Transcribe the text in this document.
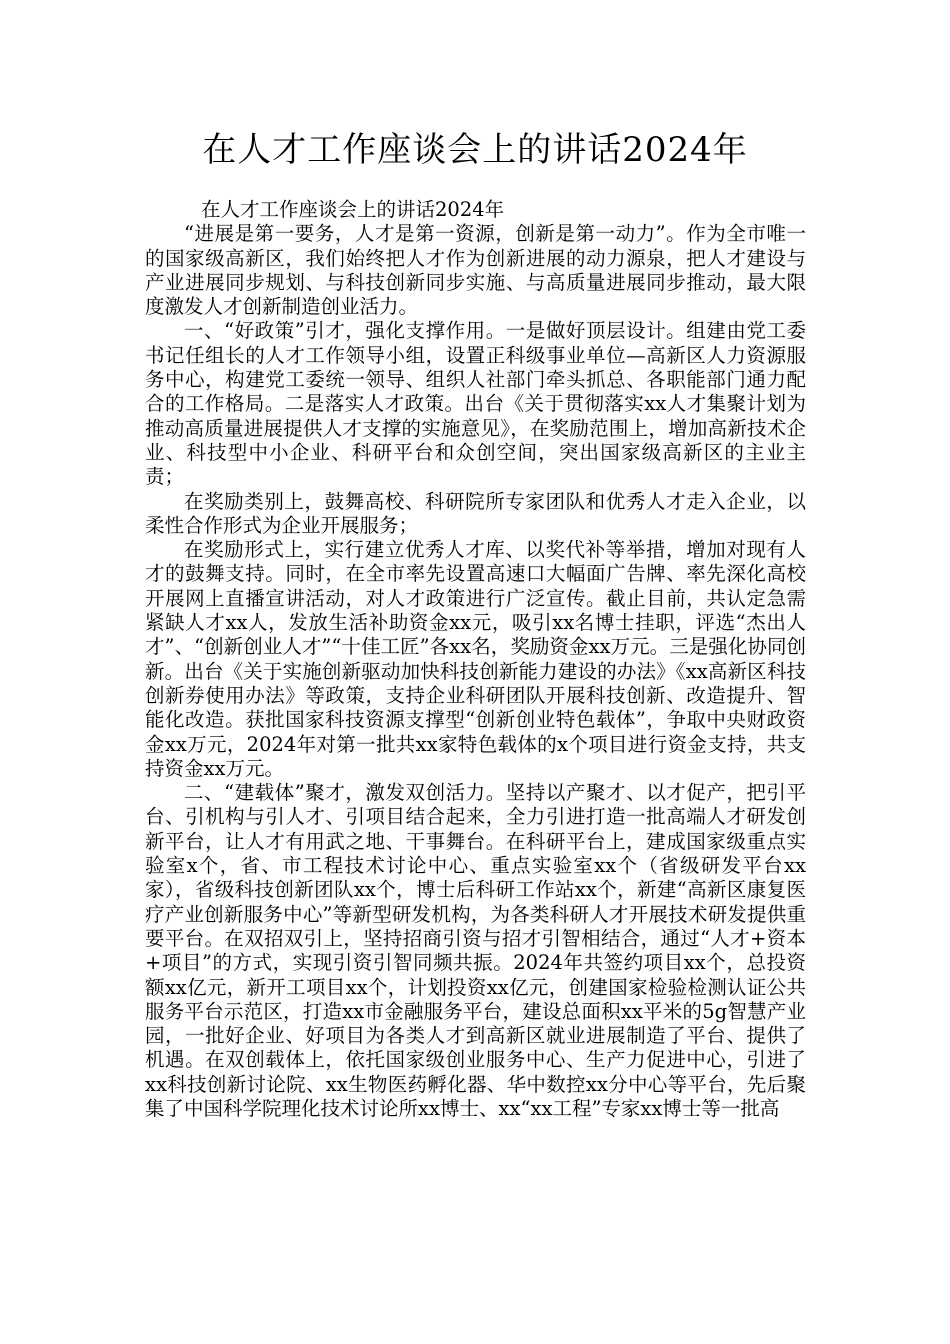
在人才工作座谈会上的讲话2024年

在人才工作座谈会上的讲话2024年

“进展是第一要务，人才是第一资源，创新是第一动力”。作为全市唯一的国家级高新区，我们始终把人才作为创新进展的动力源泉，把人才建设与产业进展同步规划、与科技创新同步实施、与高质量进展同步推动，最大限度激发人才创新制造创业活力。

一、“好政策”引才，强化支撑作用。一是做好顶层设计。组建由党工委书记任组长的人才工作领导小组，设置正科级事业单位—高新区人力资源服务中心，构建党工委统一领导、组织人社部门牵头抓总、各职能部门通力配合的工作格局。二是落实人才政策。出台《关于贯彻落实xx人才集聚计划为推动高质量进展提供人才支撑的实施意见》，在奖励范围上，增加高新技术企业、科技型中小企业、科研平台和众创空间，突出国家级高新区的主业主责；

在奖励类别上，鼓舞高校、科研院所专家团队和优秀人才走入企业，以柔性合作形式为企业开展服务；

在奖励形式上，实行建立优秀人才库、以奖代补等举措，增加对现有人才的鼓舞支持。同时，在全市率先设置高速口大幅面广告牌、率先深化高校开展网上直播宣讲活动，对人才政策进行广泛宣传。截止目前，共认定急需紧缺人才xx人，发放生活补助资金xx元，吸引xx名博士挂职，评选“杰出人才”、“创新创业人才”“十佳工匠”各xx名，奖励资金xx万元。三是强化协同创新。出台《关于实施创新驱动加快科技创新能力建设的办法》《xx高新区科技创新券使用办法》等政策，支持企业科研团队开展科技创新、改造提升、智能化改造。获批国家科技资源支撑型“创新创业特色载体”，争取中央财政资金xx万元，2024年对第一批共xx家特色载体的x个项目进行资金支持，共支持资金xx万元。

二、“建载体”聚才，激发双创活力。坚持以产聚才、以才促产，把引平台、引机构与引人才、引项目结合起来，全力引进打造一批高端人才研发创新平台，让人才有用武之地、干事舞台。在科研平台上，建成国家级重点实验室x个，省、市工程技术讨论中心、重点实验室xx个（省级研发平台xx家），省级科技创新团队xx个，博士后科研工作站xx个，新建“高新区康复医疗产业创新服务中心”等新型研发机构，为各类科研人才开展技术研发提供重要平台。在双招双引上，坚持招商引资与招才引智相结合，通过“人才+资本+项目”的方式，实现引资引智同频共振。2024年共签约项目xx个，总投资额xx亿元，新开工项目xx个，计划投资xx亿元，创建国家检验检测认证公共服务平台示范区，打造xx市金融服务平台，建设总面积xx平米的5g智慧产业园，一批好企业、好项目为各类人才到高新区就业进展制造了平台、提供了机遇。在双创载体上，依托国家级创业服务中心、生产力促进中心，引进了xx科技创新讨论院、xx生物医药孵化器、华中数控xx分中心等平台，先后聚集了中国科学院理化技术讨论所xx博士、xx“xx工程”专家xx博士等一批高
